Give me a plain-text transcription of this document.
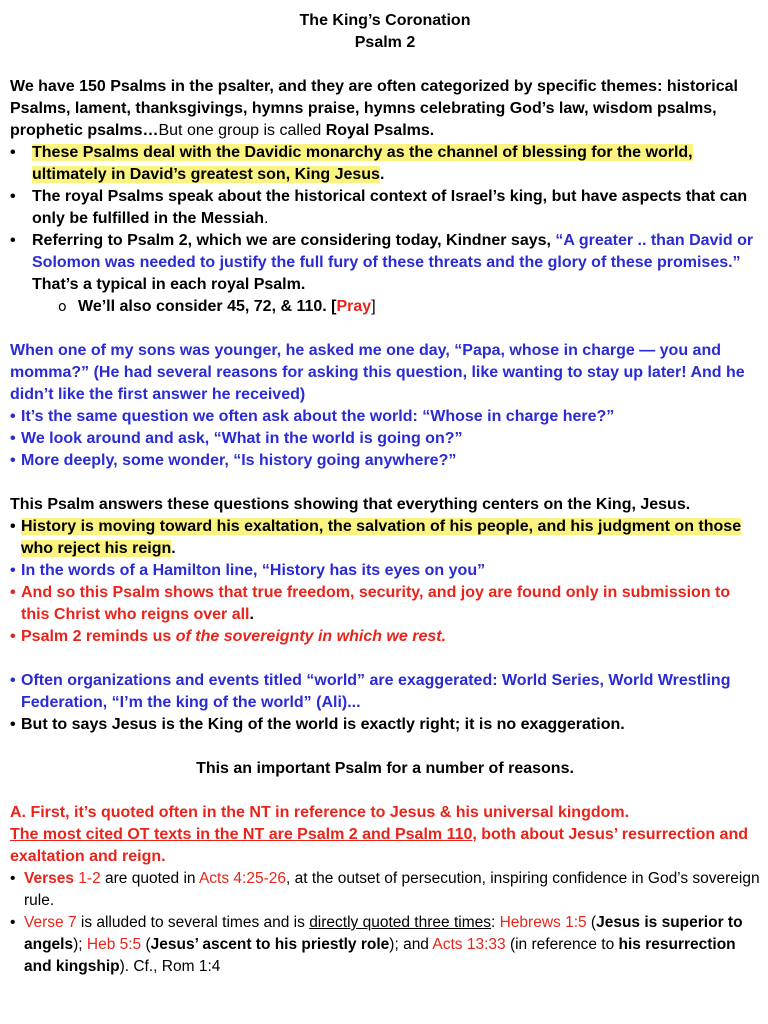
The King’s Coronation

Psalm 2

We have 150 Psalms in the psalter, and they are often categorized by specific themes: historical Psalms, lament, thanksgivings, hymns praise, hymns celebrating God’s law, wisdom psalms, prophetic psalms…But one group is called Royal Psalms.

•	These Psalms deal with the Davidic monarchy as the channel of blessing for the world, ultimately in David’s greatest son, King Jesus.
•	The royal Psalms speak about the historical context of Israel’s king, but have aspects that can only be fulfilled in the Messiah.
•	Referring to Psalm 2, which we are considering today, Kindner says, “A greater .. than David or Solomon was needed to justify the full fury of these threats and the glory of these promises.” That’s a typical in each royal Psalm.
o We’ll also consider 45, 72, & 110. [Pray]

When one of my sons was younger, he asked me one day, “Papa, whose in charge — you and momma?” (He had several reasons for asking this question, like wanting to stay up later! And he didn’t like the first answer he received)

• It’s the same question we often ask about the world: “Whose in charge here?”
• We look around and ask, “What in the world is going on?”
• More deeply, some wonder, “Is history going anywhere?”

This Psalm answers these questions showing that everything centers on the King, Jesus.

• History is moving toward his exaltation, the salvation of his people, and his judgment on those who reject his reign.
• In the words of a Hamilton line, “History has its eyes on you”
• And so this Psalm shows that true freedom, security, and joy are found only in submission to this Christ who reigns over all.
• Psalm 2 reminds us of the sovereignty in which we rest.
• Often organizations and events titled “world” are exaggerated: World Series, World Wrestling Federation, “I’m the king of the world” (Ali)...
• But to says Jesus is the King of the world is exactly right; it is no exaggeration.

This an important Psalm for a number of reasons.

A. First, it’s quoted often in the NT in reference to Jesus & his universal kingdom.

The most cited OT texts in the NT are Psalm 2 and Psalm 110, both about Jesus’ resurrection and exaltation and reign.

• Verses 1-2 are quoted in Acts 4:25-26, at the outset of persecution, inspiring confidence in God’s sovereign rule.
• Verse 7 is alluded to several times and is directly quoted three times: Hebrews 1:5 (Jesus is superior to angels); Heb 5:5 (Jesus’ ascent to his priestly role); and Acts 13:33 (in reference to his resurrection and kingship). Cf., Rom 1:4
